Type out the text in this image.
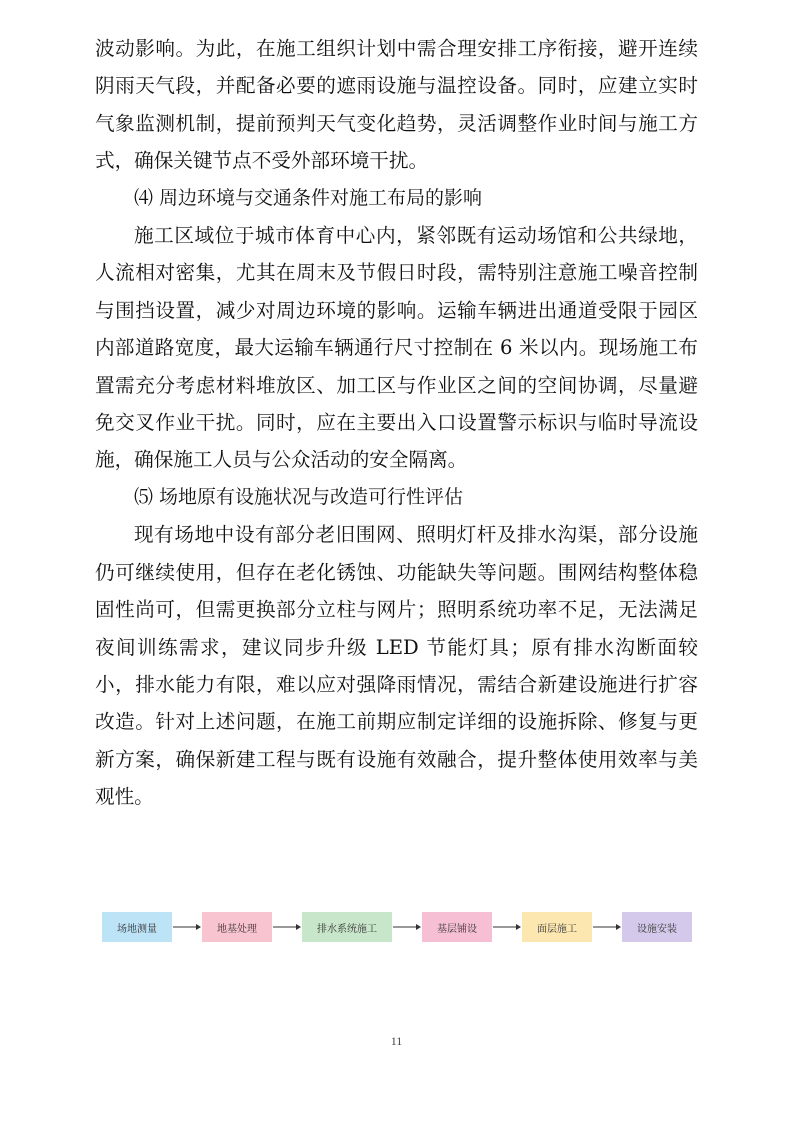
波动影响。为此，在施工组织计划中需合理安排工序衔接，避开连续阴雨天气段，并配备必要的遮雨设施与温控设备。同时，应建立实时气象监测机制，提前预判天气变化趋势，灵活调整作业时间与施工方式，确保关键节点不受外部环境干扰。

⑷ 周边环境与交通条件对施工布局的影响

施工区域位于城市体育中心内，紧邻既有运动场馆和公共绿地，人流相对密集，尤其在周末及节假日时段，需特别注意施工噪音控制与围挡设置，减少对周边环境的影响。运输车辆进出通道受限于园区内部道路宽度，最大运输车辆通行尺寸控制在 6 米以内。现场施工布置需充分考虑材料堆放区、加工区与作业区之间的空间协调，尽量避免交叉作业干扰。同时，应在主要出入口设置警示标识与临时导流设施，确保施工人员与公众活动的安全隔离。

⑸ 场地原有设施状况与改造可行性评估

现有场地中设有部分老旧围网、照明灯杆及排水沟渠，部分设施仍可继续使用，但存在老化锈蚀、功能缺失等问题。围网结构整体稳固性尚可，但需更换部分立柱与网片；照明系统功率不足，无法满足夜间训练需求，建议同步升级 LED 节能灯具；原有排水沟断面较小，排水能力有限，难以应对强降雨情况，需结合新建设施进行扩容改造。针对上述问题，在施工前期应制定详细的设施拆除、修复与更新方案，确保新建工程与既有设施有效融合，提升整体使用效率与美观性。

场地测量	地基处理	排水系统施工	基层铺设	面层施工	设施安装
11
